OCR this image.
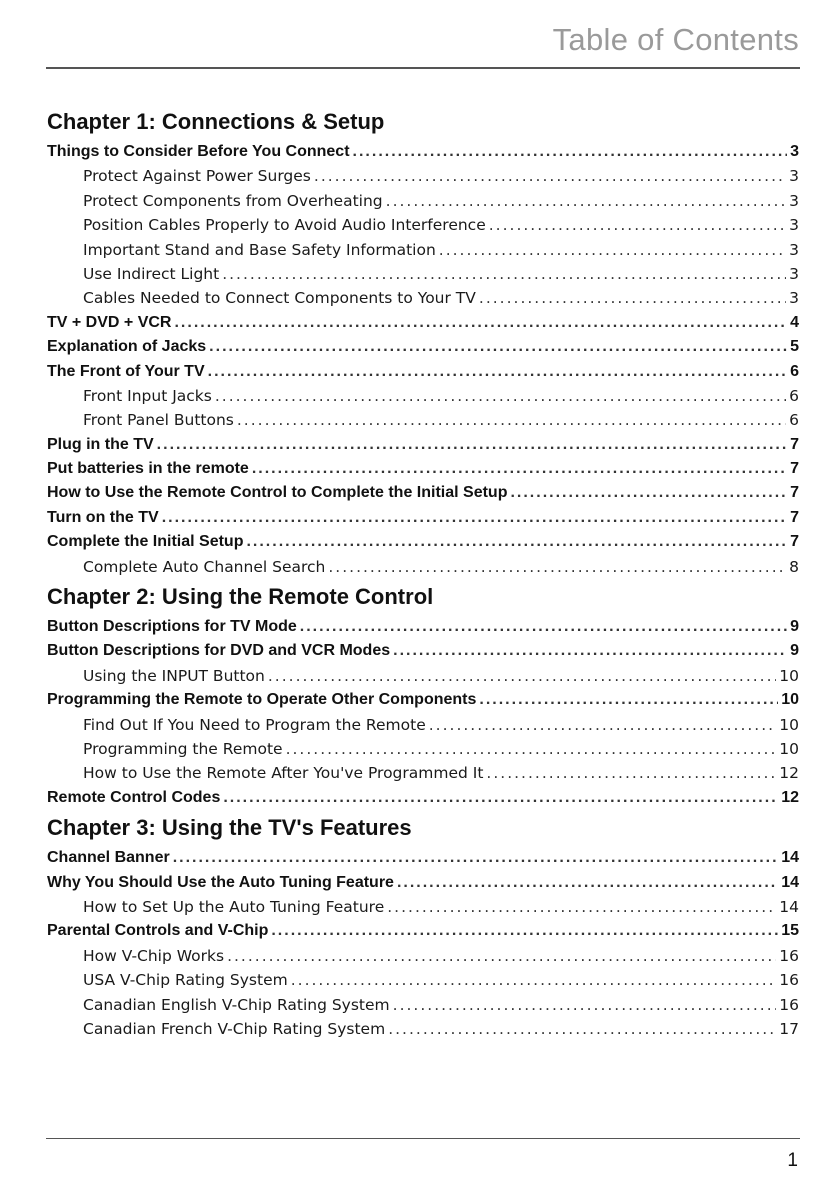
Table of Contents
Chapter 1: Connections & Setup
Things to Consider Before You Connect .....	3
Protect Against Power Surges .....	3
Protect Components from Overheating .....	3
Position Cables Properly to Avoid Audio Interference .....	3
Important Stand and Base Safety Information .....	3
Use Indirect Light .....	3
Cables Needed to Connect Components to Your TV .....	3
TV + DVD + VCR .....	4
Explanation of Jacks .....	5
The Front of Your TV .....	6
Front Input Jacks .....	6
Front Panel Buttons .....	6
Plug in the TV .....	7
Put batteries in the remote .....	7
How to Use the Remote Control to Complete the Initial Setup .....	7
Turn on the TV .....	7
Complete the Initial Setup .....	7
Complete Auto Channel Search .....	8
Chapter 2: Using the Remote Control
Button Descriptions for TV Mode .....	9
Button Descriptions for DVD and VCR Modes .....	9
Using the INPUT Button .....	10
Programming the Remote to Operate Other Components .....	10
Find Out If You Need to Program the Remote .....	10
Programming the Remote .....	10
How to Use the Remote After You've Programmed It .....	12
Remote Control Codes .....	12
Chapter 3: Using the TV's Features
Channel Banner .....	14
Why You Should Use the Auto Tuning Feature .....	14
How to Set Up the Auto Tuning Feature .....	14
Parental Controls and V-Chip .....	15
How V-Chip Works .....	16
USA V-Chip Rating System .....	16
Canadian English V-Chip Rating System .....	16
Canadian French V-Chip Rating System .....	17
1
